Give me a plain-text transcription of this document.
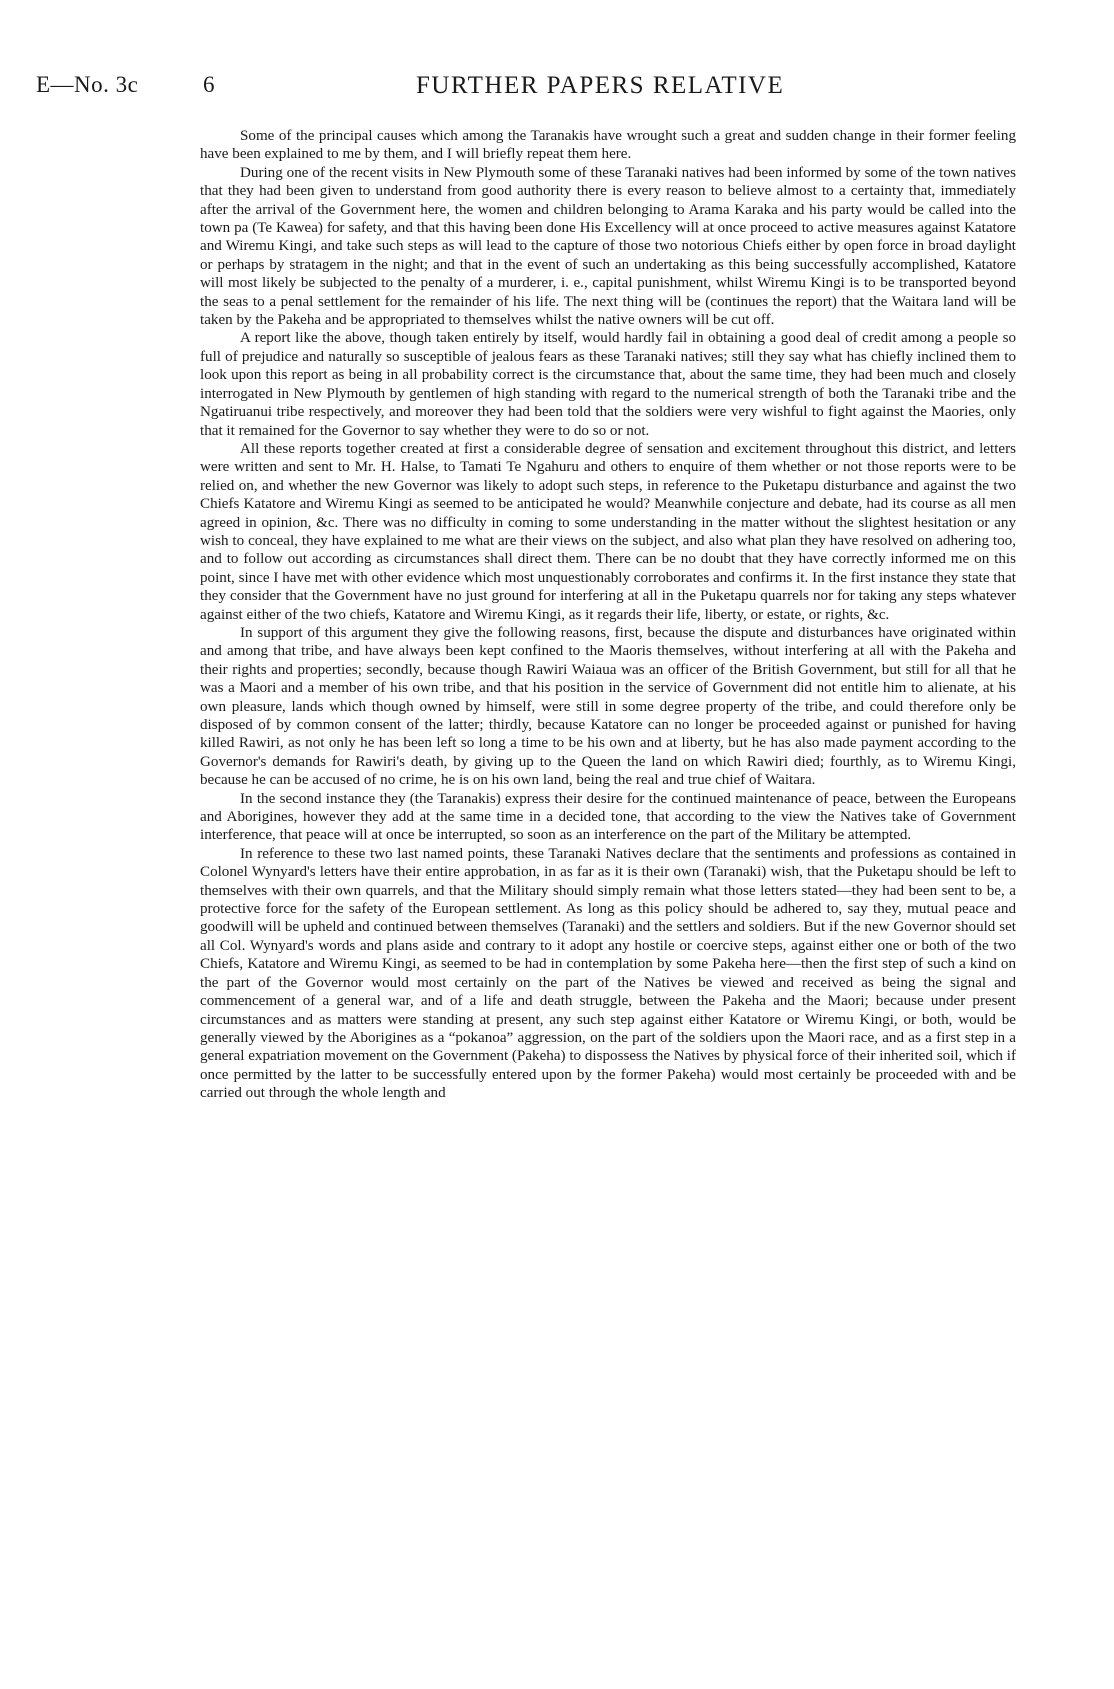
E—No. 3c	6	FURTHER PAPERS RELATIVE

Some of the principal causes which among the Taranakis have wrought such a great and sudden change in their former feeling have been explained to me by them, and I will briefly repeat them here.

During one of the recent visits in New Plymouth some of these Taranaki natives had been informed by some of the town natives that they had been given to understand from good authority there is every reason to believe almost to a certainty that, immediately after the arrival of the Government here, the women and children belonging to Arama Karaka and his party would be called into the town pa (Te Kawea) for safety, and that this having been done His Excellency will at once proceed to active measures against Katatore and Wiremu Kingi, and take such steps as will lead to the capture of those two notorious Chiefs either by open force in broad daylight or perhaps by stratagem in the night; and that in the event of such an undertaking as this being successfully accomplished, Katatore will most likely be subjected to the penalty of a murderer, i. e., capital punishment, whilst Wiremu Kingi is to be transported beyond the seas to a penal settlement for the remainder of his life. The next thing will be (continues the report) that the Waitara land will be taken by the Pakeha and be appropriated to themselves whilst the native owners will be cut off.

A report like the above, though taken entirely by itself, would hardly fail in obtaining a good deal of credit among a people so full of prejudice and naturally so susceptible of jealous fears as these Taranaki natives; still they say what has chiefly inclined them to look upon this report as being in all probability correct is the circumstance that, about the same time, they had been much and closely interrogated in New Plymouth by gentlemen of high standing with regard to the numerical strength of both the Taranaki tribe and the Ngatiruanui tribe respectively, and moreover they had been told that the soldiers were very wishful to fight against the Maories, only that it remained for the Governor to say whether they were to do so or not.

All these reports together created at first a considerable degree of sensation and excitement throughout this district, and letters were written and sent to Mr. H. Halse, to Tamati Te Ngahuru and others to enquire of them whether or not those reports were to be relied on, and whether the new Governor was likely to adopt such steps, in reference to the Puketapu disturbance and against the two Chiefs Katatore and Wiremu Kingi as seemed to be anticipated he would? Meanwhile conjecture and debate, had its course as all men agreed in opinion, &c. There was no difficulty in coming to some understanding in the matter without the slightest hesitation or any wish to conceal, they have explained to me what are their views on the subject, and also what plan they have resolved on adhering too, and to follow out according as circumstances shall direct them. There can be no doubt that they have correctly informed me on this point, since I have met with other evidence which most unquestionably corroborates and confirms it. In the first instance they state that they consider that the Government have no just ground for interfering at all in the Puketapu quarrels nor for taking any steps whatever against either of the two chiefs, Katatore and Wiremu Kingi, as it regards their life, liberty, or estate, or rights, &c.

In support of this argument they give the following reasons, first, because the dispute and disturbances have originated within and among that tribe, and have always been kept confined to the Maoris themselves, without interfering at all with the Pakeha and their rights and properties; secondly, because though Rawiri Waiaua was an officer of the British Government, but still for all that he was a Maori and a member of his own tribe, and that his position in the service of Government did not entitle him to alienate, at his own pleasure, lands which though owned by himself, were still in some degree property of the tribe, and could therefore only be disposed of by common consent of the latter; thirdly, because Katatore can no longer be proceeded against or punished for having killed Rawiri, as not only he has been left so long a time to be his own and at liberty, but he has also made payment according to the Governor's demands for Rawiri's death, by giving up to the Queen the land on which Rawiri died; fourthly, as to Wiremu Kingi, because he can be accused of no crime, he is on his own land, being the real and true chief of Waitara.

In the second instance they (the Taranakis) express their desire for the continued maintenance of peace, between the Europeans and Aborigines, however they add at the same time in a decided tone, that according to the view the Natives take of Government interference, that peace will at once be interrupted, so soon as an interference on the part of the Military be attempted.

In reference to these two last named points, these Taranaki Natives declare that the sentiments and professions as contained in Colonel Wynyard's letters have their entire approbation, in as far as it is their own (Taranaki) wish, that the Puketapu should be left to themselves with their own quarrels, and that the Military should simply remain what those letters stated—they had been sent to be, a protective force for the safety of the European settlement. As long as this policy should be adhered to, say they, mutual peace and goodwill will be upheld and continued between themselves (Taranaki) and the settlers and soldiers. But if the new Governor should set all Col. Wynyard's words and plans aside and contrary to it adopt any hostile or coercive steps, against either one or both of the two Chiefs, Katatore and Wiremu Kingi, as seemed to be had in contemplation by some Pakeha here—then the first step of such a kind on the part of the Governor would most certainly on the part of the Natives be viewed and received as being the signal and commencement of a general war, and of a life and death struggle, between the Pakeha and the Maori; because under present circumstances and as matters were standing at present, any such step against either Katatore or Wiremu Kingi, or both, would be generally viewed by the Aborigines as a “pokanoa” aggression, on the part of the soldiers upon the Maori race, and as a first step in a general expatriation movement on the Government (Pakeha) to dispossess the Natives by physical force of their inherited soil, which if once permitted by the latter to be successfully entered upon by the former Pakeha) would most certainly be proceeded with and be carried out through the whole length and
